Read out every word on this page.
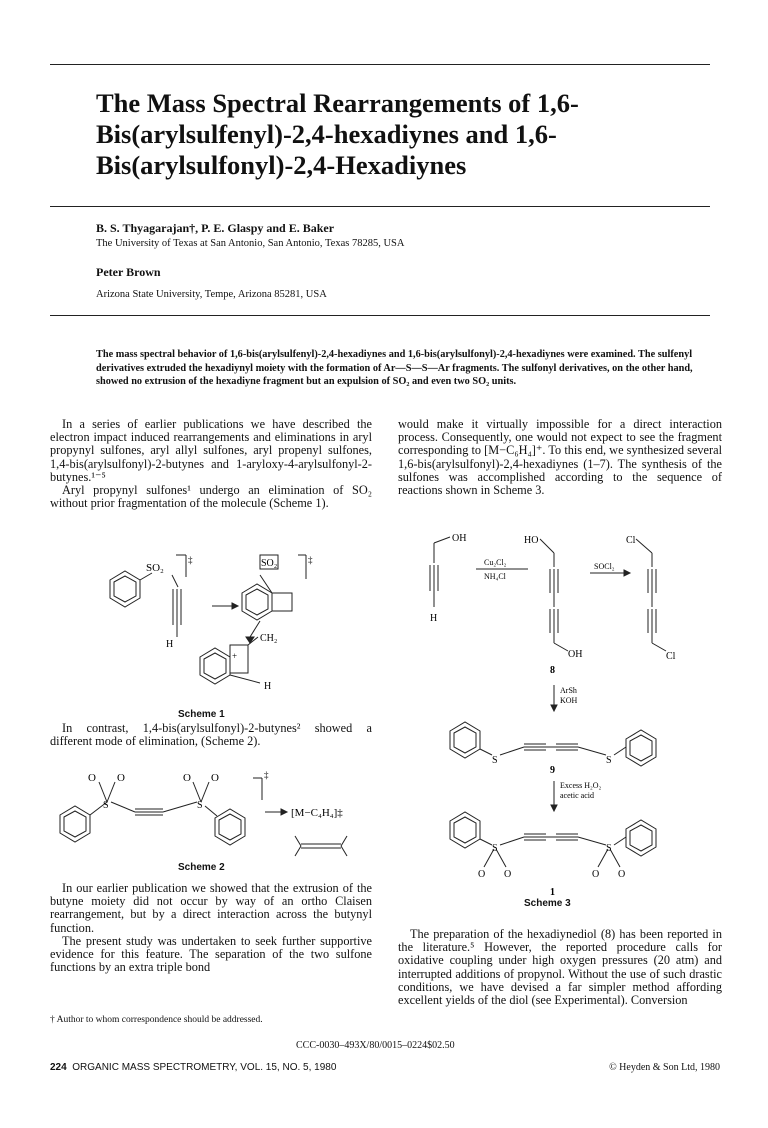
The Mass Spectral Rearrangements of 1,6-Bis(arylsulfenyl)-2,4-hexadiynes and 1,6-Bis(arylsulfonyl)-2,4-Hexadiynes
B. S. Thyagarajan†, P. E. Glaspy and E. Baker
The University of Texas at San Antonio, San Antonio, Texas 78285, USA
Peter Brown
Arizona State University, Tempe, Arizona 85281, USA
The mass spectral behavior of 1,6-bis(arylsulfenyl)-2,4-hexadiynes and 1,6-bis(arylsulfonyl)-2,4-hexadiynes were examined. The sulfenyl derivatives extruded the hexadiynyl moiety with the formation of Ar—S—S—Ar fragments. The sulfonyl derivatives, on the other hand, showed no extrusion of the hexadiyne fragment but an expulsion of SO₂ and even two SO₂ units.

In a series of earlier publications we have described the electron impact induced rearrangements and eliminations in aryl propynyl sulfones, aryl allyl sulfones, aryl propenyl sulfones, 1,4-bis(arylsulfonyl)-2-butynes and 1-aryloxy-4-arylsulfonyl-2-butynes.¹⁻⁵

Aryl propynyl sulfones¹ undergo an elimination of SO₂ without prior fragmentation of the molecule (Scheme 1).

SO₂
‡
H
SO₂	‡
CH₂
+
H
Scheme 1

In contrast, 1,4-bis(arylsulfonyl)-2-butynes² showed a different mode of elimination, (Scheme 2).

O O
S
O O
S
‡
[M−C₄H₄]‡
Scheme 2

In our earlier publication we showed that the extrusion of the butyne moiety did not occur by way of an ortho Claisen rearrangement, but by a direct interaction across the butynyl function.

The present study was undertaken to seek further supportive evidence for this feature. The separation of the two sulfone functions by an extra triple bond

† Author to whom correspondence should be addressed.

would make it virtually impossible for a direct interaction process. Consequently, one would not expect to see the fragment corresponding to [M−C₆H₄]⁺. To this end, we synthesized several 1,6-bis(arylsulfonyl)-2,4-hexadiynes (1–7). The synthesis of the sulfones was accomplished according to the sequence of reactions shown in Scheme 3.

OH
H
Cu₂Cl₂
NH₄Cl
HO
OH
8
SOCl₂
Cl
Cl
ArSh
KOH
S	S
9
Excess H₂O₂
acetic acid
S	S
O O	O O
1
Scheme 3

The preparation of the hexadiynediol (8) has been reported in the literature.⁵ However, the reported procedure calls for oxidative coupling under high oxygen pressures (20 atm) and interrupted additions of propynol. Without the use of such drastic conditions, we have devised a far simpler method affording excellent yields of the diol (see Experimental). Conversion

CCC-0030–493X/80/0015–0224$02.50
224 ORGANIC MASS SPECTROMETRY, VOL. 15, NO. 5, 1980	© Heyden & Son Ltd, 1980
